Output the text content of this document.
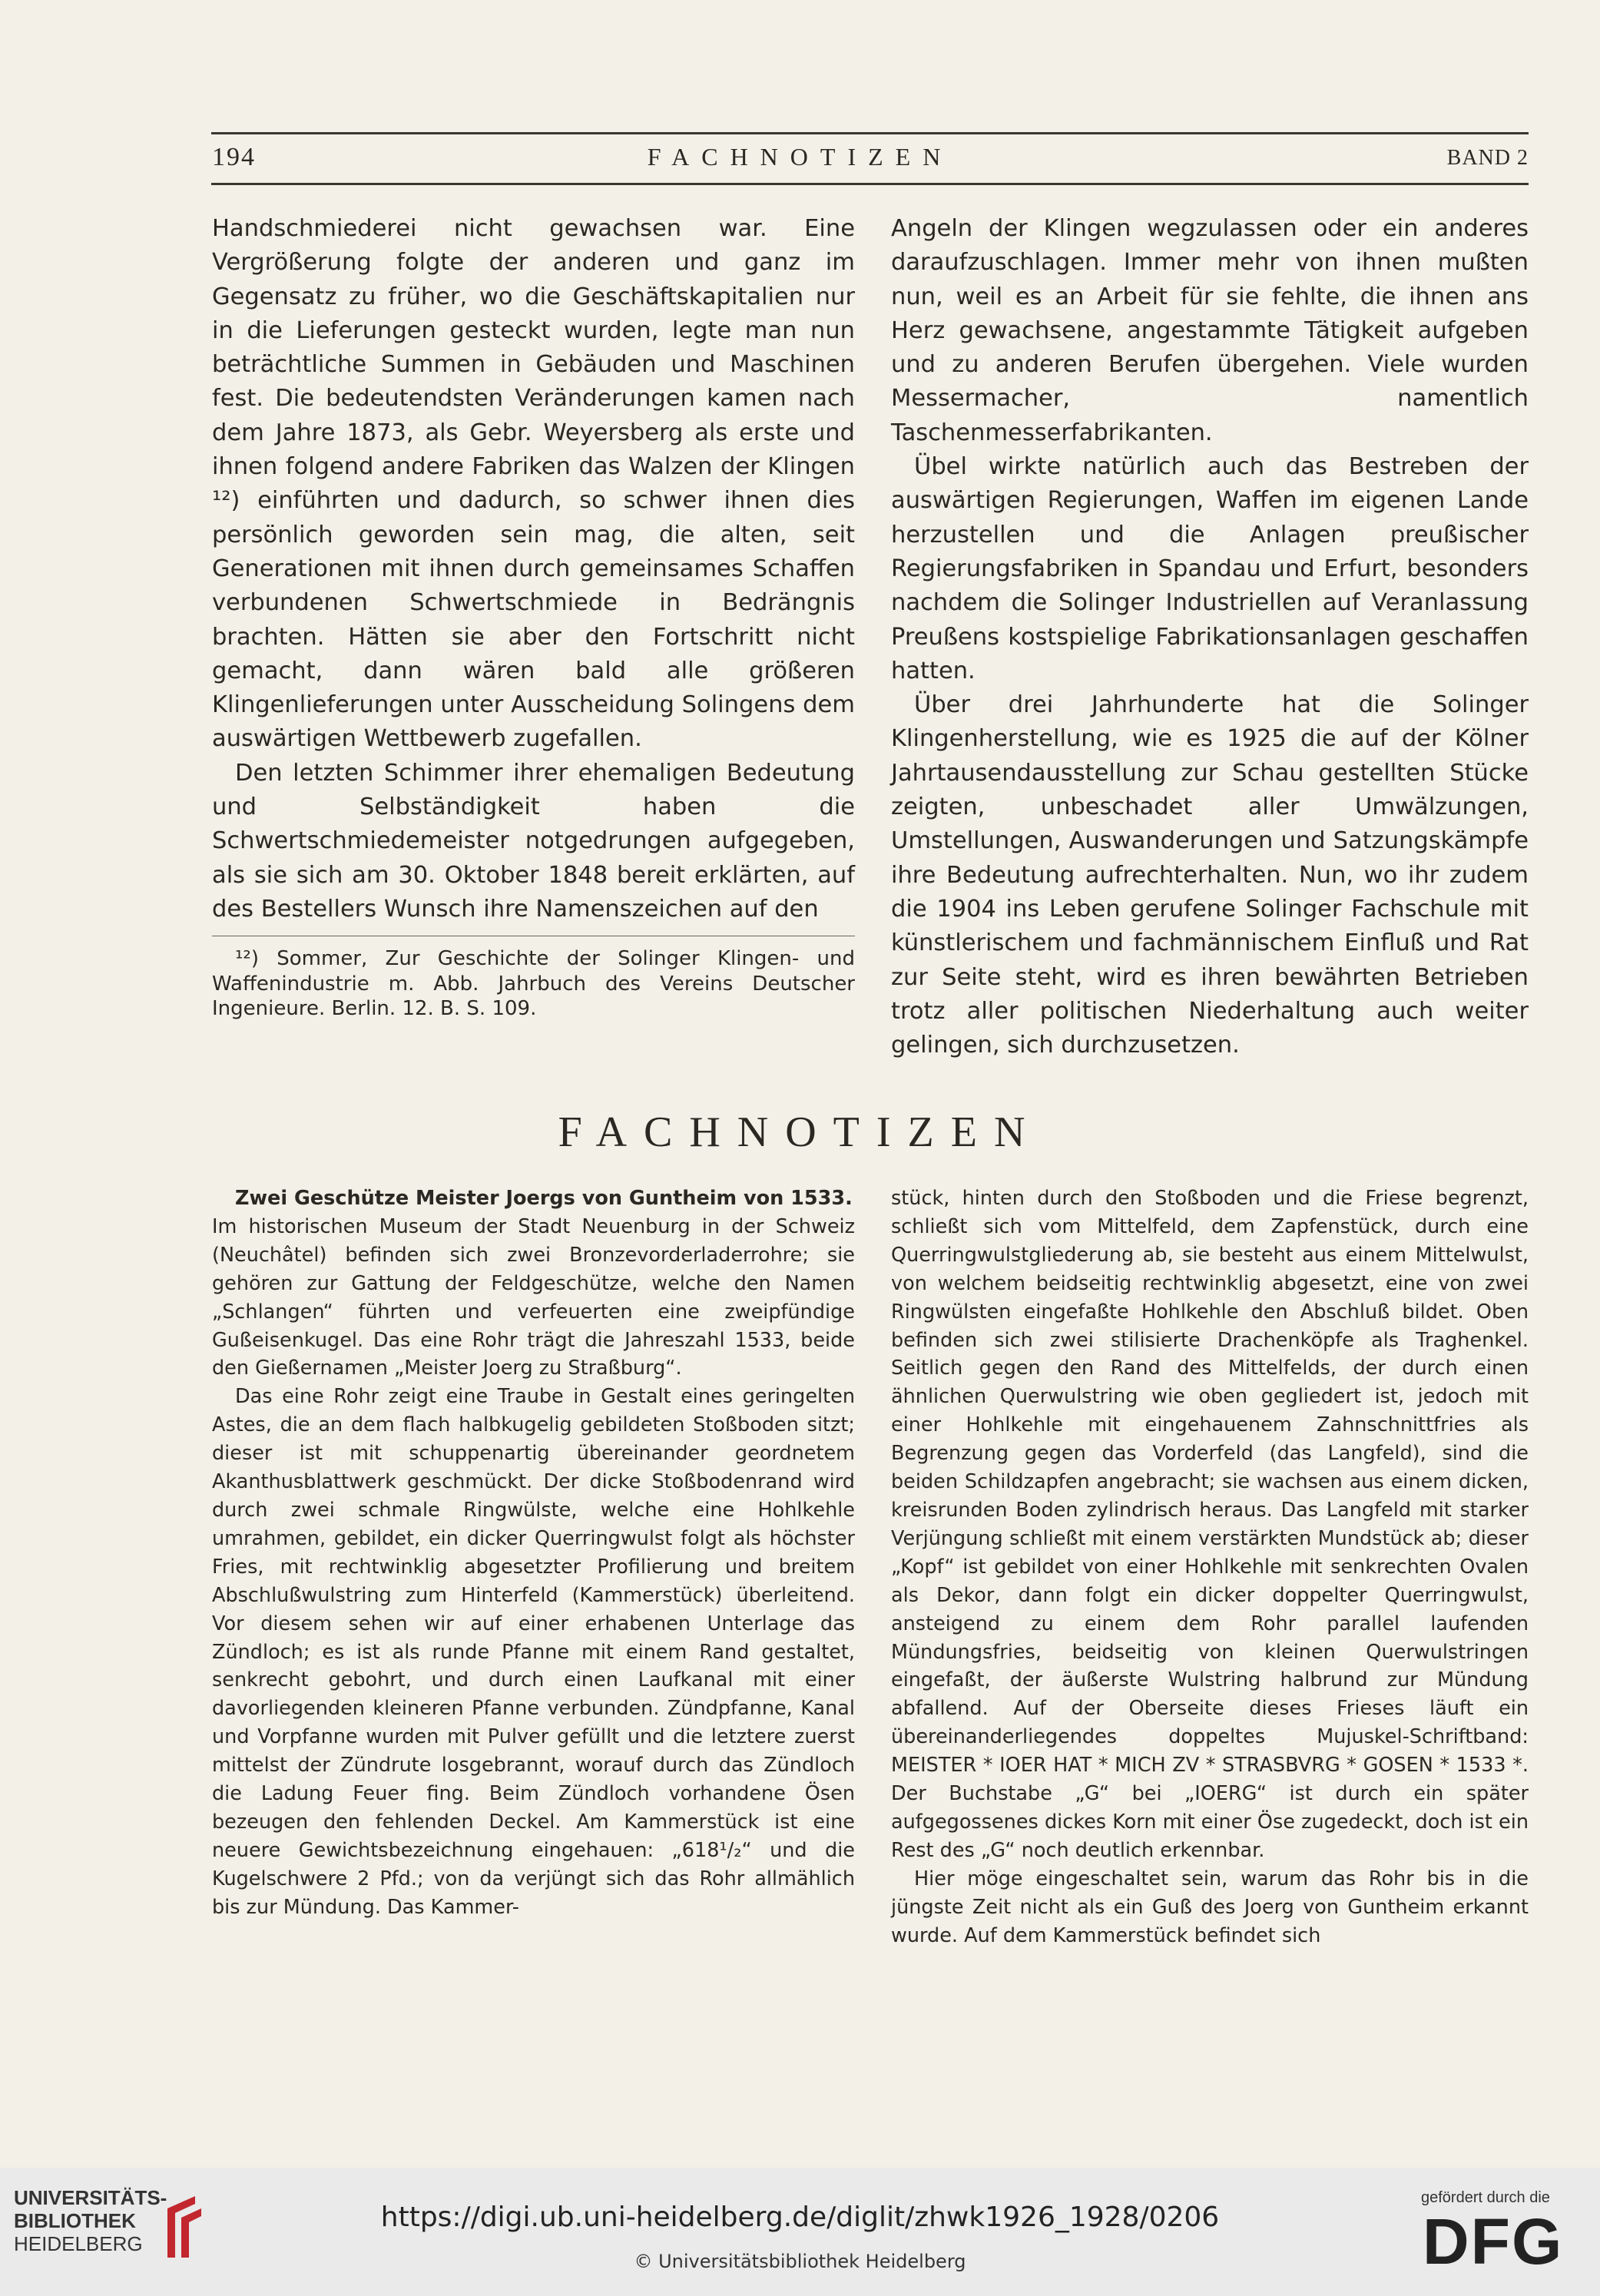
194	FACHNOTIZEN	BAND 2

Handschmiederei nicht gewachsen war. Eine Vergrößerung folgte der anderen und ganz im Gegensatz zu früher, wo die Geschäftskapitalien nur in die Lieferungen gesteckt wurden, legte man nun beträchtliche Summen in Gebäuden und Maschinen fest. Die bedeutendsten Veränderungen kamen nach dem Jahre 1873, als Gebr. Weyersberg als erste und ihnen folgend andere Fabriken das Walzen der Klingen ¹²) einführten und dadurch, so schwer ihnen dies persönlich geworden sein mag, die alten, seit Generationen mit ihnen durch gemeinsames Schaffen verbundenen Schwertschmiede in Bedrängnis brachten. Hätten sie aber den Fortschritt nicht gemacht, dann wären bald alle größeren Klingenlieferungen unter Ausscheidung Solingens dem auswärtigen Wettbewerb zugefallen.

Den letzten Schimmer ihrer ehemaligen Bedeutung und Selbständigkeit haben die Schwertschmiedemeister notgedrungen aufgegeben, als sie sich am 30. Oktober 1848 bereit erklärten, auf des Bestellers Wunsch ihre Namenszeichen auf den

¹²) Sommer, Zur Geschichte der Solinger Klingen- und Waffenindustrie m. Abb. Jahrbuch des Vereins Deutscher Ingenieure. Berlin. 12. B. S. 109.

Angeln der Klingen wegzulassen oder ein anderes daraufzuschlagen. Immer mehr von ihnen mußten nun, weil es an Arbeit für sie fehlte, die ihnen ans Herz gewachsene, angestammte Tätigkeit aufgeben und zu anderen Berufen übergehen. Viele wurden Messermacher, namentlich Taschenmesserfabrikanten.

Übel wirkte natürlich auch das Bestreben der auswärtigen Regierungen, Waffen im eigenen Lande herzustellen und die Anlagen preußischer Regierungsfabriken in Spandau und Erfurt, besonders nachdem die Solinger Industriellen auf Veranlassung Preußens kostspielige Fabrikationsanlagen geschaffen hatten.

Über drei Jahrhunderte hat die Solinger Klingenherstellung, wie es 1925 die auf der Kölner Jahrtausendausstellung zur Schau gestellten Stücke zeigten, unbeschadet aller Umwälzungen, Umstellungen, Auswanderungen und Satzungskämpfe ihre Bedeutung aufrechterhalten. Nun, wo ihr zudem die 1904 ins Leben gerufene Solinger Fachschule mit künstlerischem und fachmännischem Einfluß und Rat zur Seite steht, wird es ihren bewährten Betrieben trotz aller politischen Niederhaltung auch weiter gelingen, sich durchzusetzen.

FACHNOTIZEN

Zwei Geschütze Meister Joergs von Guntheim von 1533.

Im historischen Museum der Stadt Neuenburg in der Schweiz (Neuchâtel) befinden sich zwei Bronzevorderladerrohre; sie gehören zur Gattung der Feldgeschütze, welche den Namen „Schlangen“ führten und verfeuerten eine zweipfündige Gußeisenkugel. Das eine Rohr trägt die Jahreszahl 1533, beide den Gießernamen „Meister Joerg zu Straßburg“.

Das eine Rohr zeigt eine Traube in Gestalt eines geringelten Astes, die an dem flach halbkugelig gebildeten Stoßboden sitzt; dieser ist mit schuppenartig übereinander geordnetem Akanthusblattwerk geschmückt. Der dicke Stoßbodenrand wird durch zwei schmale Ringwülste, welche eine Hohlkehle umrahmen, gebildet, ein dicker Querringwulst folgt als höchster Fries, mit rechtwinklig abgesetzter Profilierung und breitem Abschlußwulstring zum Hinterfeld (Kammerstück) überleitend. Vor diesem sehen wir auf einer erhabenen Unterlage das Zündloch; es ist als runde Pfanne mit einem Rand gestaltet, senkrecht gebohrt, und durch einen Laufkanal mit einer davorliegenden kleineren Pfanne verbunden. Zündpfanne, Kanal und Vorpfanne wurden mit Pulver gefüllt und die letztere zuerst mittelst der Zündrute losgebrannt, worauf durch das Zündloch die Ladung Feuer fing. Beim Zündloch vorhandene Ösen bezeugen den fehlenden Deckel. Am Kammerstück ist eine neuere Gewichtsbezeichnung eingehauen: „618¹/₂“ und die Kugelschwere 2 Pfd.; von da verjüngt sich das Rohr allmählich bis zur Mündung. Das Kammer-

stück, hinten durch den Stoßboden und die Friese begrenzt, schließt sich vom Mittelfeld, dem Zapfenstück, durch eine Querringwulstgliederung ab, sie besteht aus einem Mittelwulst, von welchem beidseitig rechtwinklig abgesetzt, eine von zwei Ringwülsten eingefaßte Hohlkehle den Abschluß bildet. Oben befinden sich zwei stilisierte Drachenköpfe als Traghenkel. Seitlich gegen den Rand des Mittelfelds, der durch einen ähnlichen Querwulstring wie oben gegliedert ist, jedoch mit einer Hohlkehle mit eingehauenem Zahnschnittfries als Begrenzung gegen das Vorderfeld (das Langfeld), sind die beiden Schildzapfen angebracht; sie wachsen aus einem dicken, kreisrunden Boden zylindrisch heraus. Das Langfeld mit starker Verjüngung schließt mit einem verstärkten Mundstück ab; dieser „Kopf“ ist gebildet von einer Hohlkehle mit senkrechten Ovalen als Dekor, dann folgt ein dicker doppelter Querringwulst, ansteigend zu einem dem Rohr parallel laufenden Mündungsfries, beidseitig von kleinen Querwulstringen eingefaßt, der äußerste Wulstring halbrund zur Mündung abfallend. Auf der Oberseite dieses Frieses läuft ein übereinanderliegendes doppeltes Mujuskel-Schriftband: MEISTER * IOER HAT * MICH ZV * STRASBVRG * GOSEN * 1533 *. Der Buchstabe „G“ bei „IOERG“ ist durch ein später aufgegossenes dickes Korn mit einer Öse zugedeckt, doch ist ein Rest des „G“ noch deutlich erkennbar.

Hier möge eingeschaltet sein, warum das Rohr bis in die jüngste Zeit nicht als ein Guß des Joerg von Guntheim erkannt wurde. Auf dem Kammerstück befindet sich

UNIVERSITÄTS-
BIBLIOTHEK
HEIDELBERG
https://digi.ub.uni-heidelberg.de/diglit/zhwk1926_1928/0206
© Universitätsbibliothek Heidelberg
gefördert durch die
DFG
